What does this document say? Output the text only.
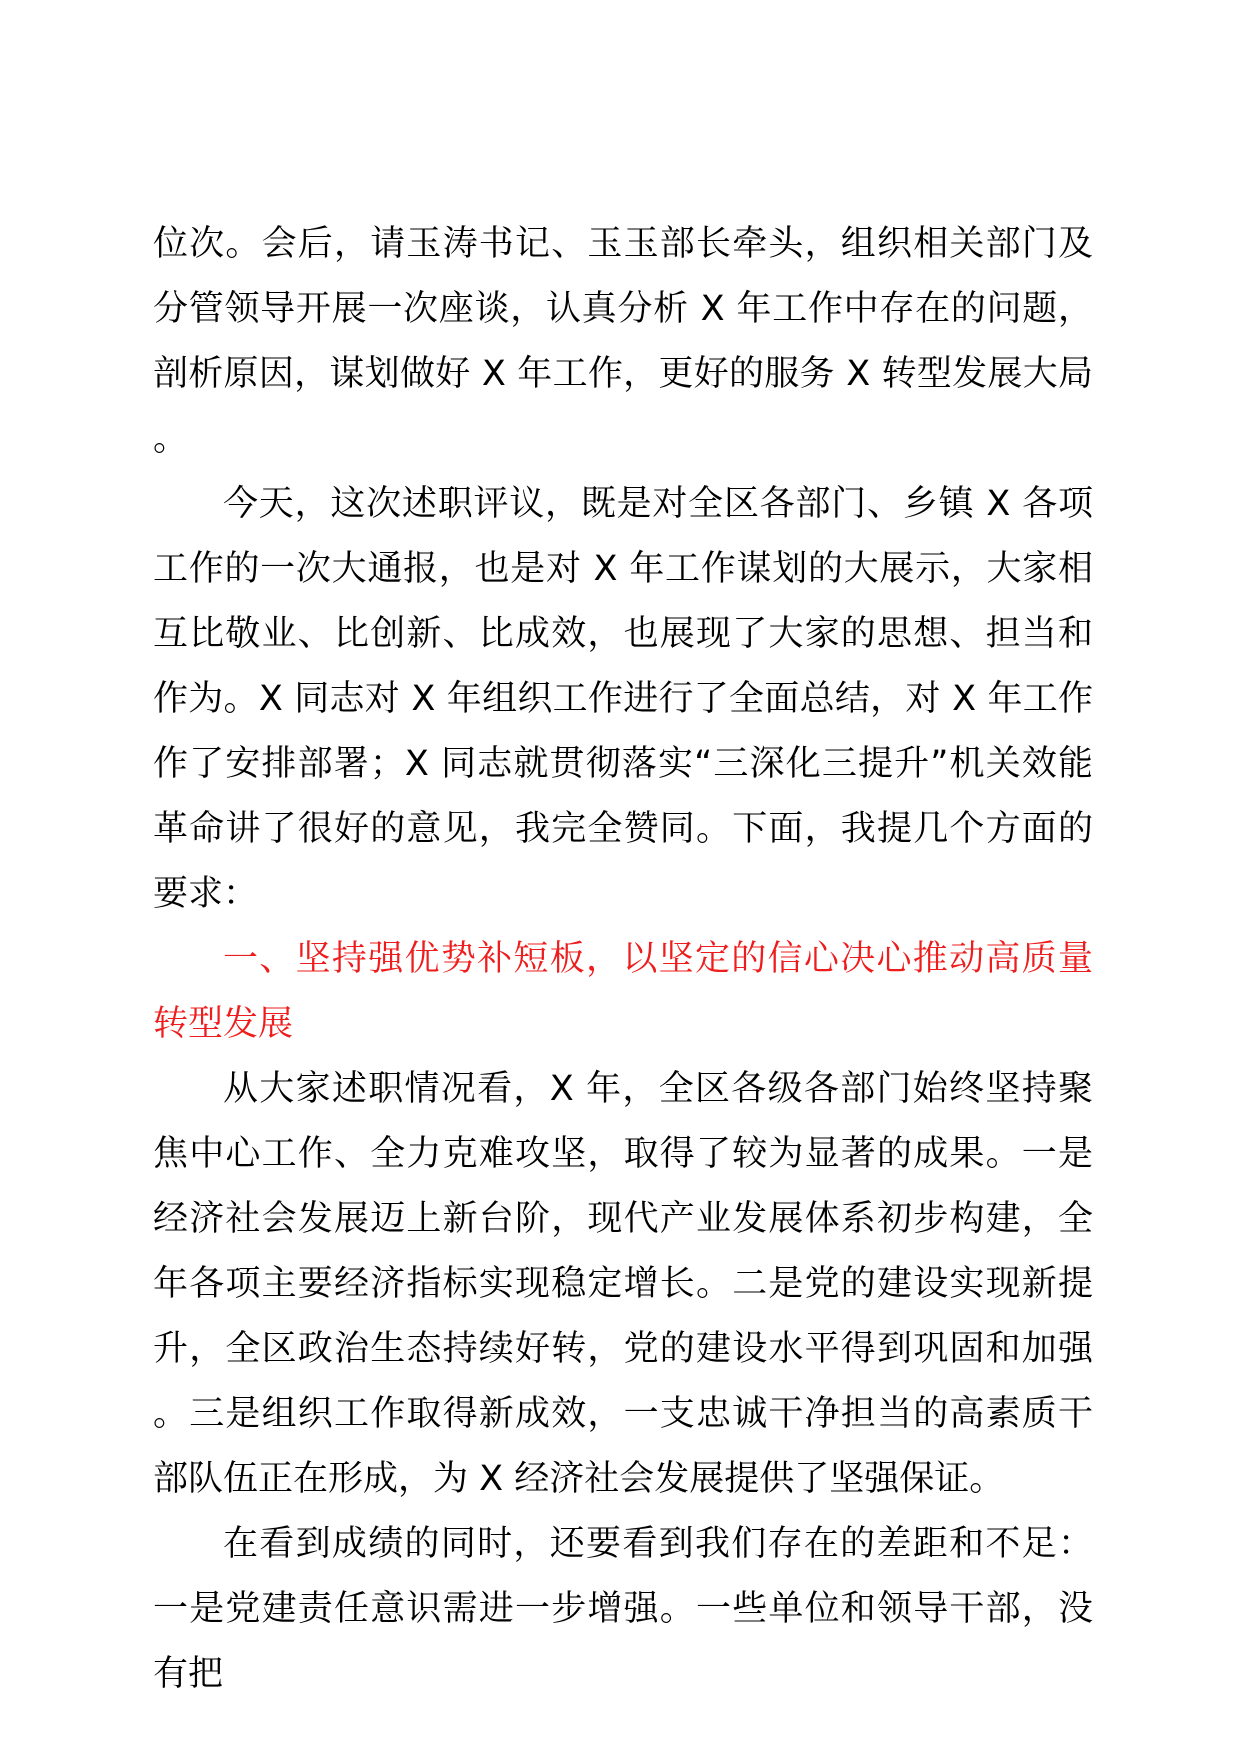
位次。会后，请玉涛书记、玉玉部长牵头，组织相关部门及分管领导开展一次座谈，认真分析 X 年工作中存在的问题，剖析原因，谋划做好 X 年工作，更好的服务 X 转型发展大局。

今天，这次述职评议，既是对全区各部门、乡镇 X 各项工作的一次大通报，也是对 X 年工作谋划的大展示，大家相互比敬业、比创新、比成效，也展现了大家的思想、担当和作为。X 同志对 X 年组织工作进行了全面总结，对 X 年工作作了安排部署；X 同志就贯彻落实“三深化三提升”机关效能革命讲了很好的意见，我完全赞同。下面，我提几个方面的要求：

一、坚持强优势补短板，以坚定的信心决心推动高质量转型发展

从大家述职情况看，X 年，全区各级各部门始终坚持聚焦中心工作、全力克难攻坚，取得了较为显著的成果。一是经济社会发展迈上新台阶，现代产业发展体系初步构建，全年各项主要经济指标实现稳定增长。二是党的建设实现新提升，全区政治生态持续好转，党的建设水平得到巩固和加强。三是组织工作取得新成效，一支忠诚干净担当的高素质干部队伍正在形成，为 X 经济社会发展提供了坚强保证。

在看到成绩的同时，还要看到我们存在的差距和不足：一是党建责任意识需进一步增强。一些单位和领导干部，没有把
